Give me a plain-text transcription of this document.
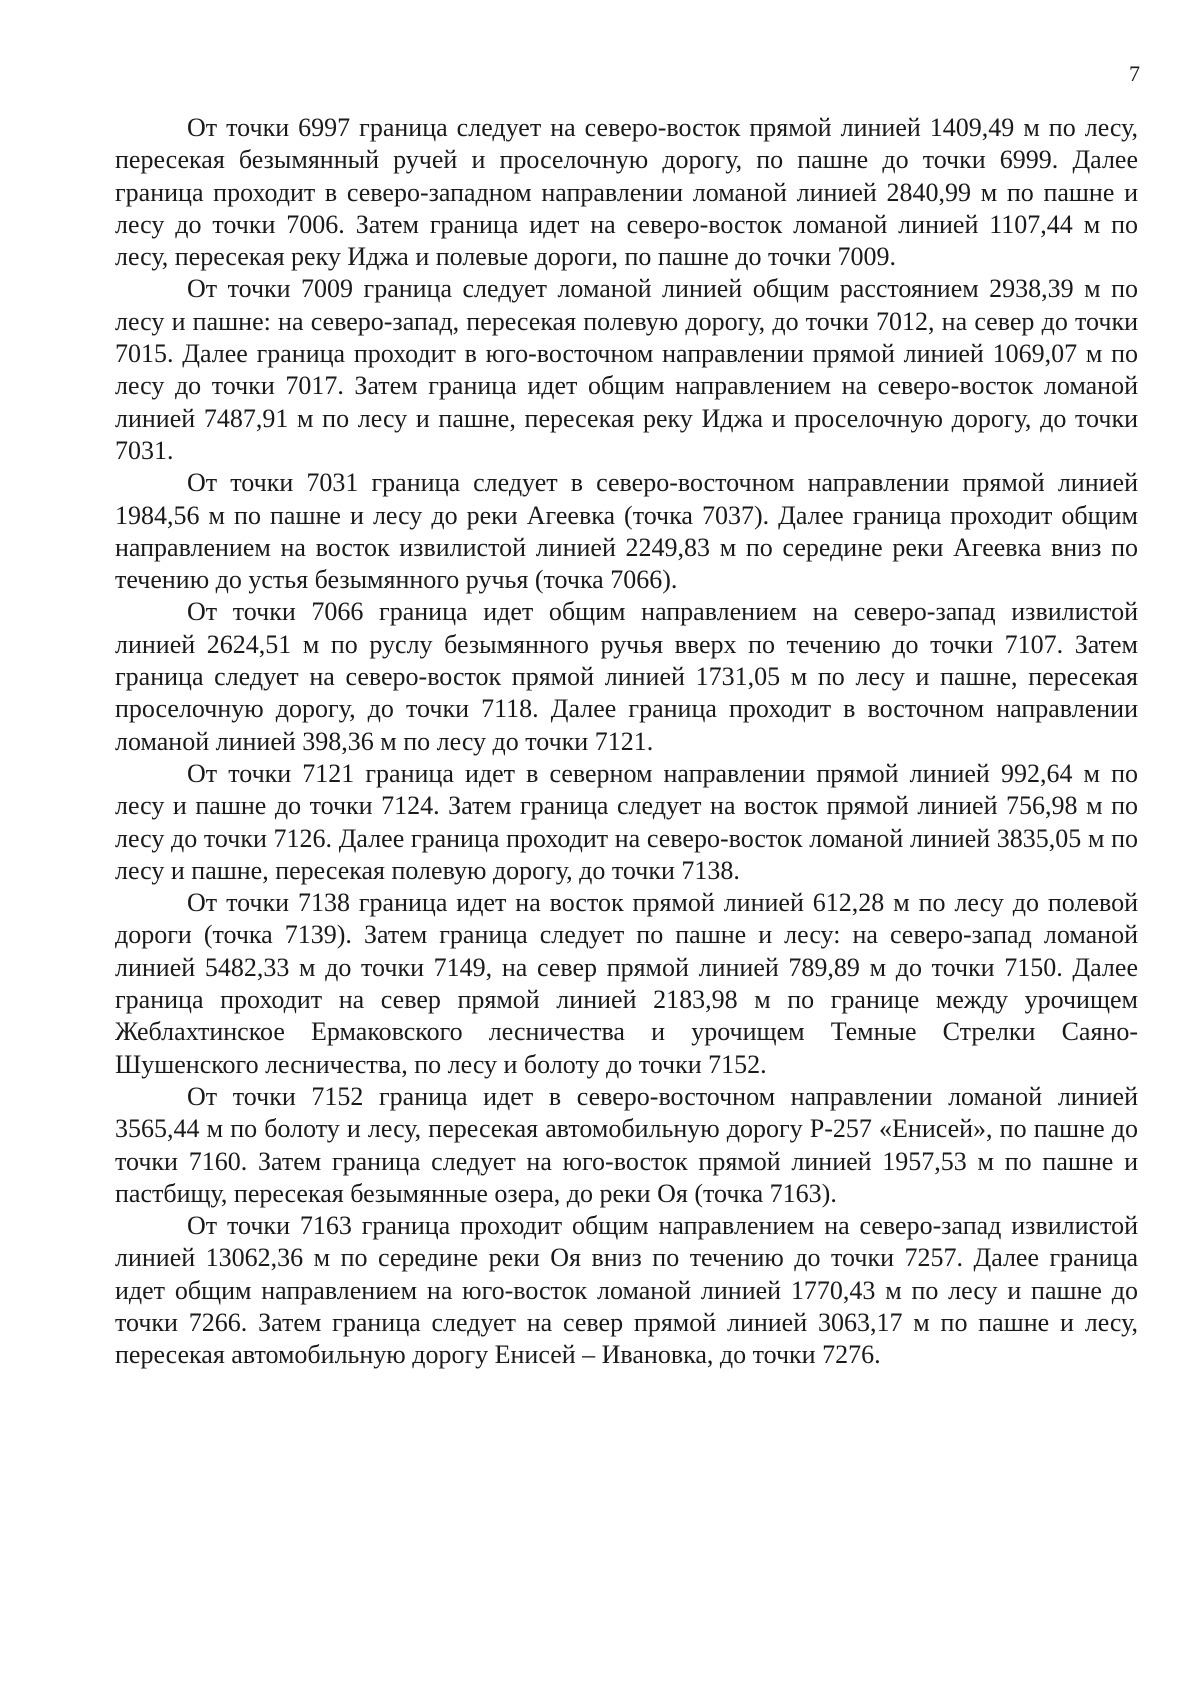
7

От точки 6997 граница следует на северо-восток прямой линией 1409,49 м по лесу, пересекая безымянный ручей и проселочную дорогу, по пашне до точки 6999. Далее граница проходит в северо-западном направлении ломаной линией 2840,99 м по пашне и лесу до точки 7006. Затем граница идет на северо-восток ломаной линией 1107,44 м по лесу, пересекая реку Иджа и полевые дороги, по пашне до точки 7009.

От точки 7009 граница следует ломаной линией общим расстоянием 2938,39 м по лесу и пашне: на северо-запад, пересекая полевую дорогу, до точки 7012, на север до точки 7015. Далее граница проходит в юго-восточном направлении прямой линией 1069,07 м по лесу до точки 7017. Затем граница идет общим направлением на северо-восток ломаной линией 7487,91 м по лесу и пашне, пересекая реку Иджа и проселочную дорогу, до точки 7031.

От точки 7031 граница следует в северо-восточном направлении прямой линией 1984,56 м по пашне и лесу до реки Агеевка (точка 7037). Далее граница проходит общим направлением на восток извилистой линией 2249,83 м по середине реки Агеевка вниз по течению до устья безымянного ручья (точка 7066).

От точки 7066 граница идет общим направлением на северо-запад извилистой линией 2624,51 м по руслу безымянного ручья вверх по течению до точки 7107. Затем граница следует на северо-восток прямой линией 1731,05 м по лесу и пашне, пересекая проселочную дорогу, до точки 7118. Далее граница проходит в восточном направлении ломаной линией 398,36 м по лесу до точки 7121.

От точки 7121 граница идет в северном направлении прямой линией 992,64 м по лесу и пашне до точки 7124. Затем граница следует на восток прямой линией 756,98 м по лесу до точки 7126. Далее граница проходит на северо-восток ломаной линией 3835,05 м по лесу и пашне, пересекая полевую дорогу, до точки 7138.

От точки 7138 граница идет на восток прямой линией 612,28 м по лесу до полевой дороги (точка 7139). Затем граница следует по пашне и лесу: на северо-запад ломаной линией 5482,33 м до точки 7149, на север прямой линией 789,89 м до точки 7150. Далее граница проходит на север прямой линией 2183,98 м по границе между урочищем Жеблахтинское Ермаковского лесничества и урочищем Темные Стрелки Саяно-Шушенского лесничества, по лесу и болоту до точки 7152.

От точки 7152 граница идет в северо-восточном направлении ломаной линией 3565,44 м по болоту и лесу, пересекая автомобильную дорогу Р-257 «Енисей», по пашне до точки 7160. Затем граница следует на юго-восток прямой линией 1957,53 м по пашне и пастбищу, пересекая безымянные озера, до реки Оя (точка 7163).

От точки 7163 граница проходит общим направлением на северо-запад извилистой линией 13062,36 м по середине реки Оя вниз по течению до точки 7257. Далее граница идет общим направлением на юго-восток ломаной линией 1770,43 м по лесу и пашне до точки 7266. Затем граница следует на север прямой линией 3063,17 м по пашне и лесу, пересекая автомобильную дорогу Енисей – Ивановка, до точки 7276.
